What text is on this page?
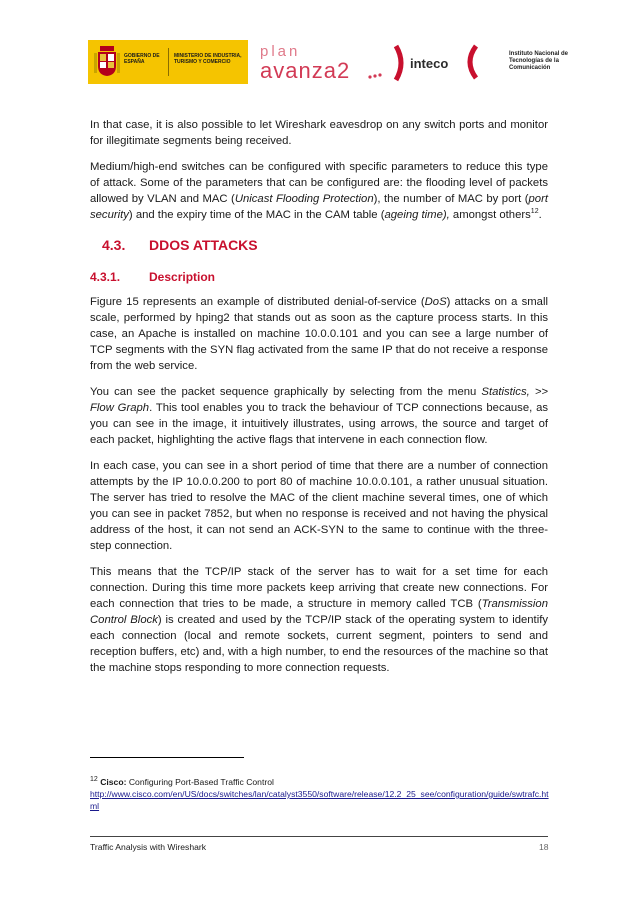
GOBIERNO DE ESPAÑA
MINISTERIO DE INDUSTRIA, TURISMO Y COMERCIO
plan
avanza2	inteco
Instituto Nacional de Tecnologías de la Comunicación

In that case, it is also possible to let Wireshark eavesdrop on any switch ports and monitor for illegitimate segments being received.

Medium/high-end switches can be configured with specific parameters to reduce this type of attack. Some of the parameters that can be configured are: the flooding level of packets allowed by VLAN and MAC (Unicast Flooding Protection), the number of MAC by port (port security) and the expiry time of the MAC in the CAM table (ageing time), amongst others$^{12}$.

4.3. DDOS ATTACKS
4.3.1. Description

Figure 15 represents an example of distributed denial-of-service (DoS) attacks on a small scale, performed by hping2 that stands out as soon as the capture process starts. In this case, an Apache is installed on machine 10.0.0.101 and you can see a large number of TCP segments with the SYN flag activated from the same IP that do not receive a response from the web service.

You can see the packet sequence graphically by selecting from the menu Statistics, >> Flow Graph. This tool enables you to track the behaviour of TCP connections because, as you can see in the image, it intuitively illustrates, using arrows, the source and target of each packet, highlighting the active flags that intervene in each connection flow.

In each case, you can see in a short period of time that there are a number of connection attempts by the IP 10.0.0.200 to port 80 of machine 10.0.0.101, a rather unusual situation. The server has tried to resolve the MAC of the client machine several times, one of which you can see in packet 7852, but when no response is received and not having the physical address of the host, it can not send an ACK-SYN to the same to continue with the three-step connection.

This means that the TCP/IP stack of the server has to wait for a set time for each connection. During this time more packets keep arriving that create new connections. For each connection that tries to be made, a structure in memory called TCB (Transmission Control Block) is created and used by the TCP/IP stack of the operating system to identify each connection (local and remote sockets, current segment, pointers to send and reception buffers, etc) and, with a high number, to end the resources of the machine so that the machine stops responding to more connection requests.

$^{12}$ Cisco: Configuring Port-Based Traffic Control
http://www.cisco.com/en/US/docs/switches/lan/catalyst3550/software/release/12.2_25_see/configuration/guide/swtrafc.html
Traffic Analysis with Wireshark	18
